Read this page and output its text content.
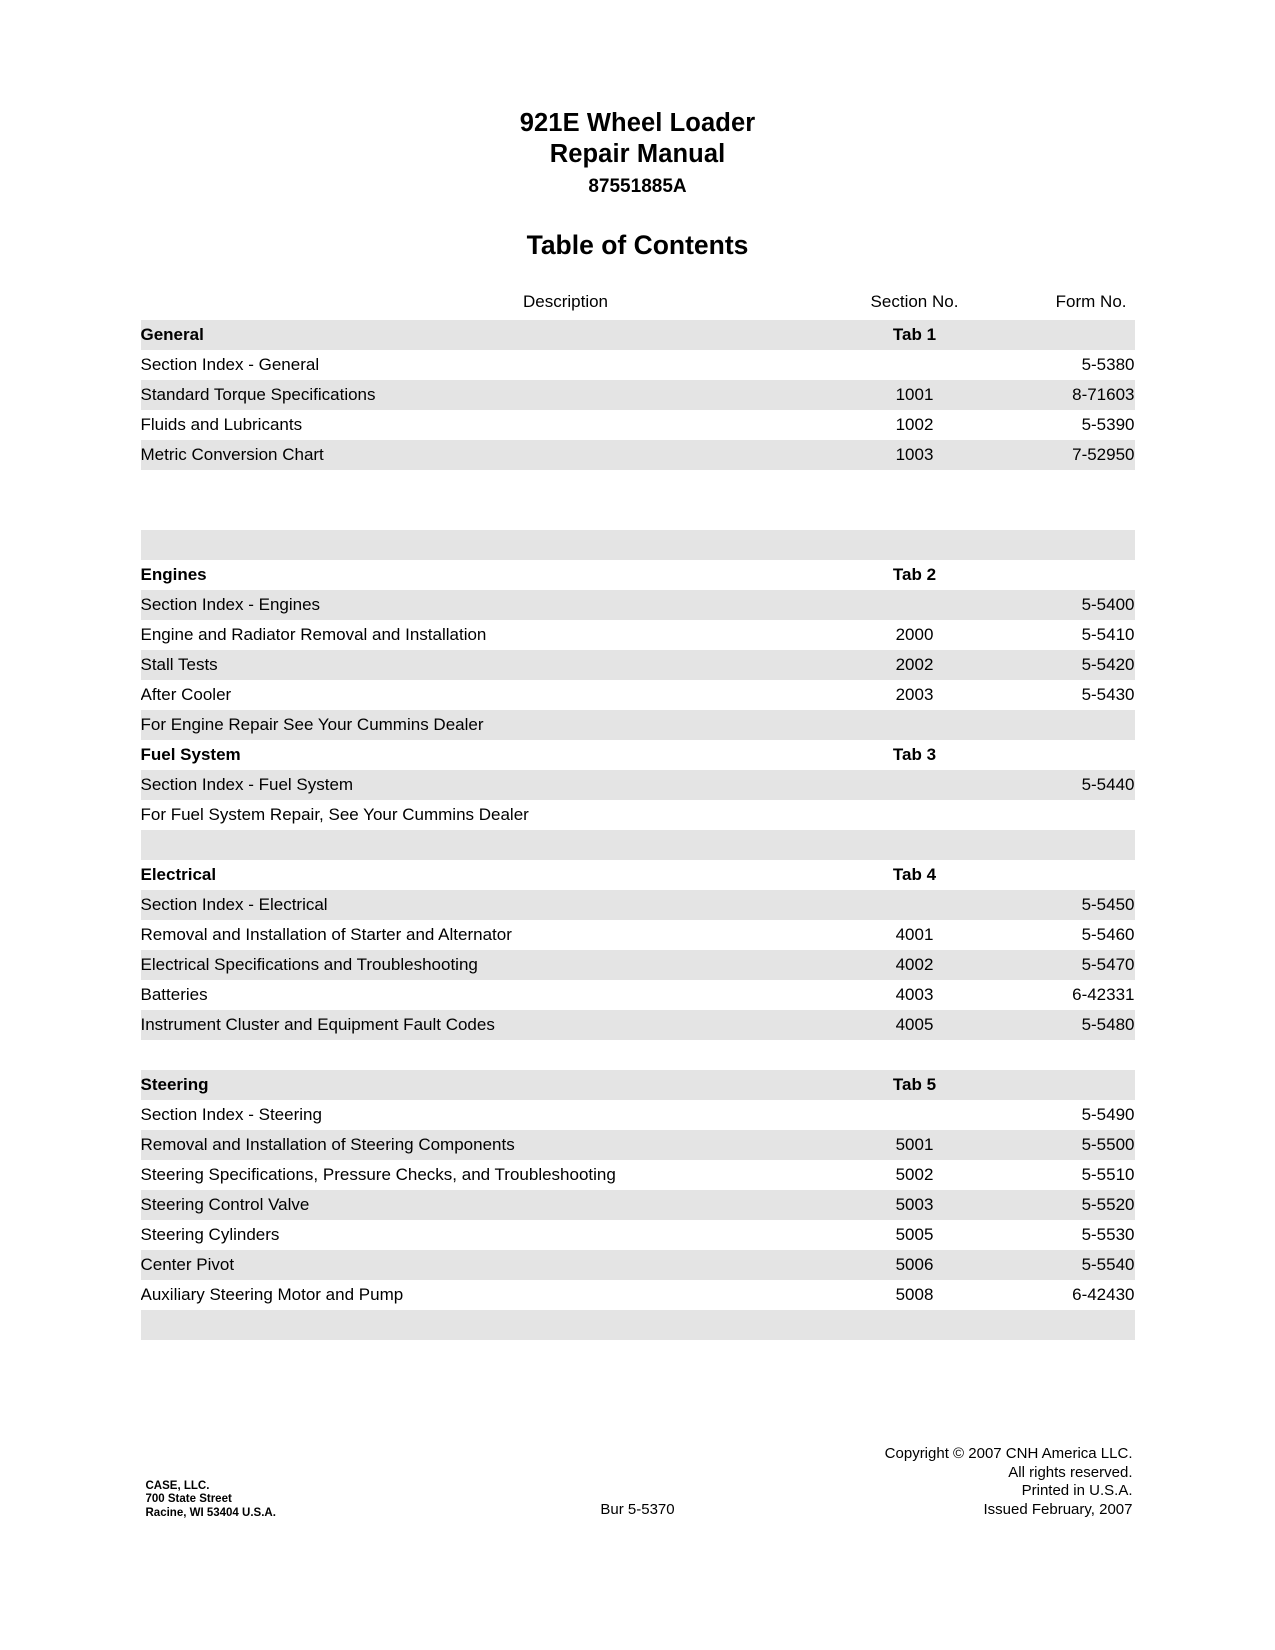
921E Wheel Loader
Repair Manual
87551885A
Table of Contents
Description	Section No.	Form No.
General	Tab 1	
Section Index - General		5-5380
Standard Torque Specifications	1001	8-71603
Fluids and Lubricants	1002	5-5390
Metric Conversion Chart	1003	7-52950

Engines	Tab 2	
Section Index - Engines		5-5400
Engine and Radiator Removal and Installation	2000	5-5410
Stall Tests	2002	5-5420
After Cooler	2003	5-5430
For Engine Repair See Your Cummins Dealer		
Fuel System	Tab 3	
Section Index - Fuel System		5-5440
For Fuel System Repair, See Your Cummins Dealer		

Electrical	Tab 4	
Section Index - Electrical		5-5450
Removal and Installation of Starter and Alternator	4001	5-5460
Electrical Specifications and Troubleshooting	4002	5-5470
Batteries	4003	6-42331
Instrument Cluster and Equipment Fault Codes	4005	5-5480

Steering	Tab 5	
Section Index - Steering		5-5490
Removal and Installation of Steering Components	5001	5-5500
Steering Specifications, Pressure Checks, and Troubleshooting	5002	5-5510
Steering Control Valve	5003	5-5520
Steering Cylinders	5005	5-5530
Center Pivot	5006	5-5540
Auxiliary Steering Motor and Pump	5008	6-42430

CASE, LLC.
700 State Street
Racine, WI 53404 U.S.A.	Bur 5-5370
Copyright © 2007 CNH America LLC.
All rights reserved.
Printed in U.S.A.
Issued February, 2007
